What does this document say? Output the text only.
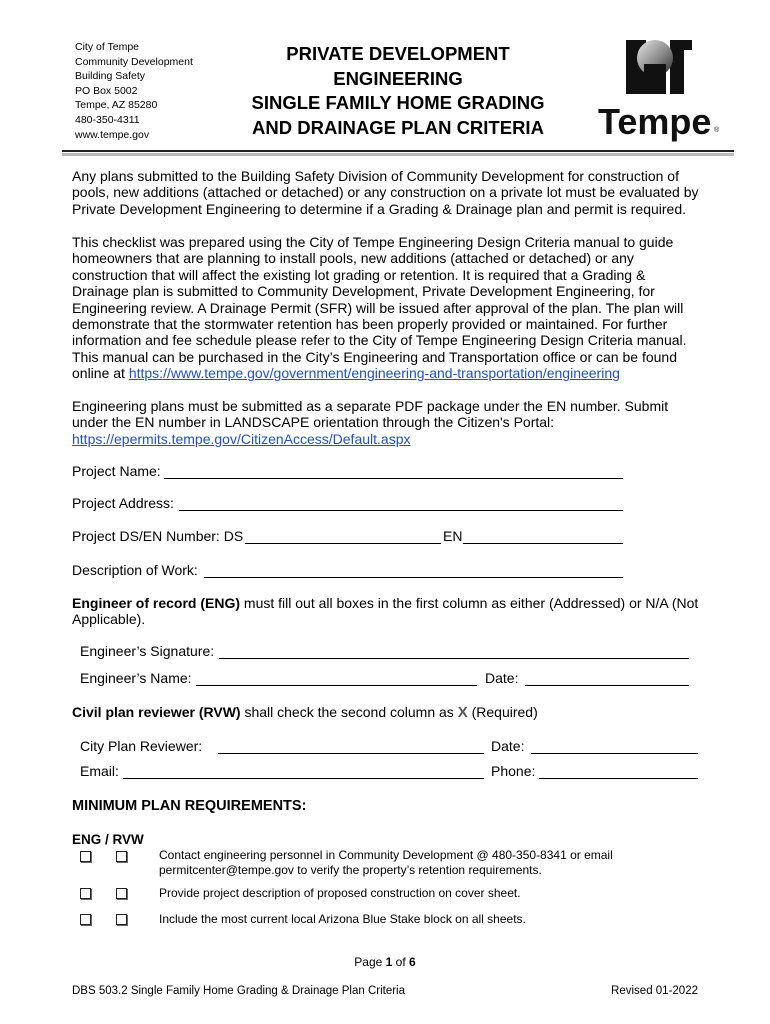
City of Tempe
Community Development
Building Safety
PO Box 5002
Tempe, AZ 85280
480-350-4311
www.tempe.gov
PRIVATE DEVELOPMENT
ENGINEERING
SINGLE FAMILY HOME GRADING
AND DRAINAGE PLAN CRITERIA	Tempe ®
Any plans submitted to the Building Safety Division of Community Development for construction of pools, new additions (attached or detached) or any construction on a private lot must be evaluated by Private Development Engineering to determine if a Grading & Drainage plan and permit is required.
This checklist was prepared using the City of Tempe Engineering Design Criteria manual to guide homeowners that are planning to install pools, new additions (attached or detached) or any construction that will affect the existing lot grading or retention. It is required that a Grading & Drainage plan is submitted to Community Development, Private Development Engineering, for Engineering review. A Drainage Permit (SFR) will be issued after approval of the plan. The plan will demonstrate that the stormwater retention has been properly provided or maintained. For further information and fee schedule please refer to the City of Tempe Engineering Design Criteria manual. This manual can be purchased in the City’s Engineering and Transportation office or can be found online at https://www.tempe.gov/government/engineering-and-transportation/engineering
Engineering plans must be submitted as a separate PDF package under the EN number. Submit under the EN number in LANDSCAPE orientation through the Citizen's Portal:
https://epermits.tempe.gov/CitizenAccess/Default.aspx
Project Name:
Project Address:
Project DS/EN Number: DS	EN
Description of Work:
Engineer of record (ENG) must fill out all boxes in the first column as either (Addressed) or N/A (Not Applicable).
Engineer’s Signature:
Engineer’s Name:	Date:
Civil plan reviewer (RVW) shall check the second column as X (Required)
City Plan Reviewer:	Date:
Email:	Phone:
MINIMUM PLAN REQUIREMENTS:
ENG / RVW
Contact engineering personnel in Community Development @ 480-350-8341 or email permitcenter@tempe.gov to verify the property’s retention requirements.
Provide project description of proposed construction on cover sheet.
Include the most current local Arizona Blue Stake block on all sheets.
Page 1 of 6
DBS 503.2 Single Family Home Grading & Drainage Plan Criteria	Revised 01-2022
